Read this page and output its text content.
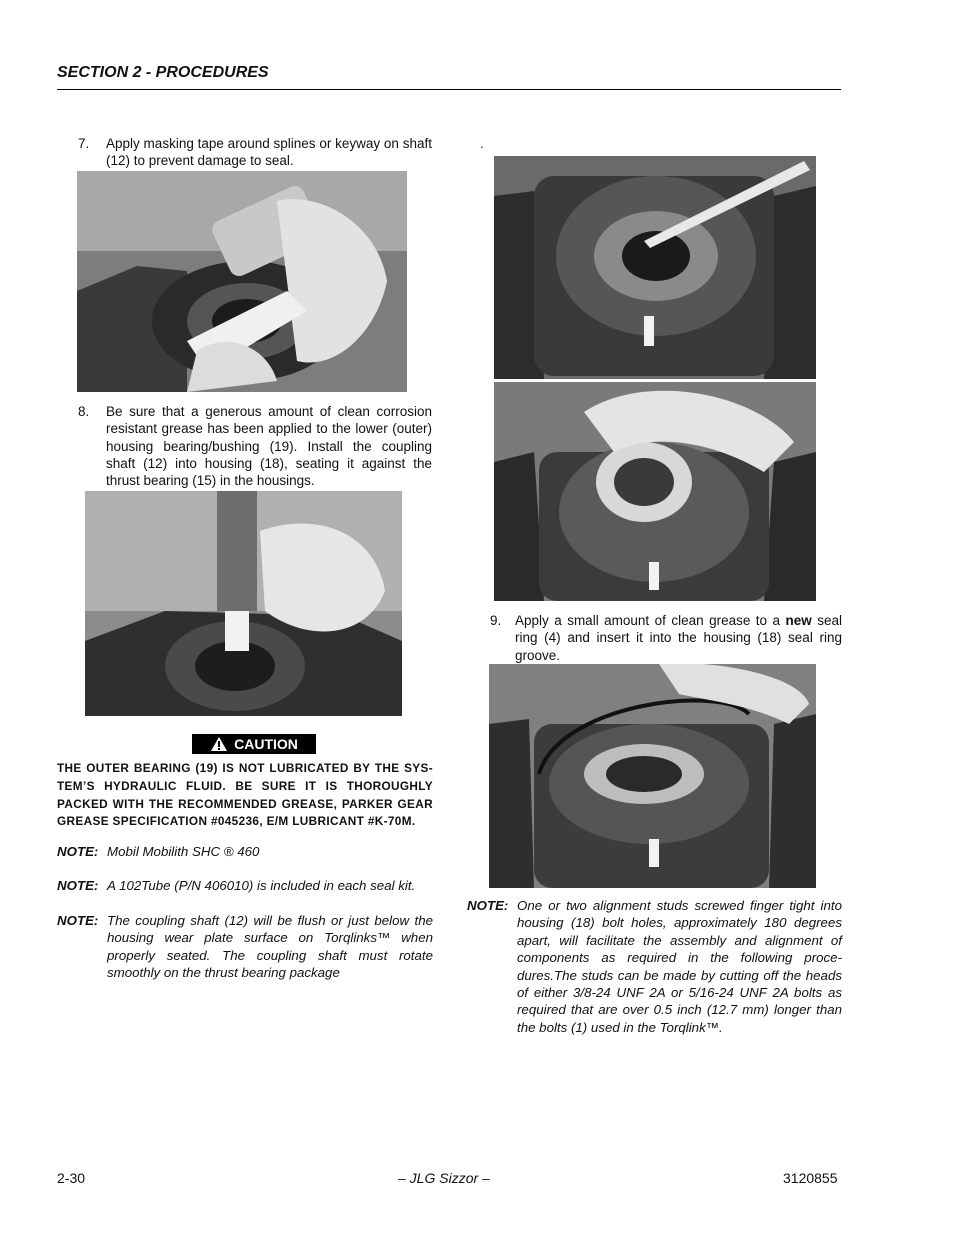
SECTION 2 - PROCEDURES
7. Apply masking tape around splines or keyway on shaft (12) to prevent damage to seal.
8. Be sure that a generous amount of clean corrosion resistant grease has been applied to the lower (outer) housing bearing/bushing (19). Install the coupling shaft (12) into housing (18), seating it against the thrust bearing (15) in the housings.
CAUTION
THE OUTER BEARING (19) IS NOT LUBRICATED BY THE SYS-TEM’S HYDRAULIC FLUID. BE SURE IT IS THOROUGHLY PACKED WITH THE RECOMMENDED GREASE, PARKER GEAR GREASE SPECIFICATION #045236, E/M LUBRICANT #K-70M.
NOTE: Mobil Mobilith SHC ® 460
NOTE: A 102Tube (P/N 406010) is included in each seal kit.
NOTE: The coupling shaft (12) will be flush or just below the housing wear plate surface on Torqlinks™ when properly seated. The coupling shaft must rotate smoothly on the thrust bearing package
.
9. Apply a small amount of clean grease to a new seal ring (4) and insert it into the housing (18) seal ring groove.
NOTE: One or two alignment studs screwed finger tight into housing (18) bolt holes, approximately 180 degrees apart, will facilitate the assembly and alignment of components as required in the following proce-dures.The studs can be made by cutting off the heads of either 3/8-24 UNF 2A or 5/16-24 UNF 2A bolts as required that are over 0.5 inch (12.7 mm) longer than the bolts (1) used in the Torqlink™.
2-30	– JLG Sizzor –	3120855
